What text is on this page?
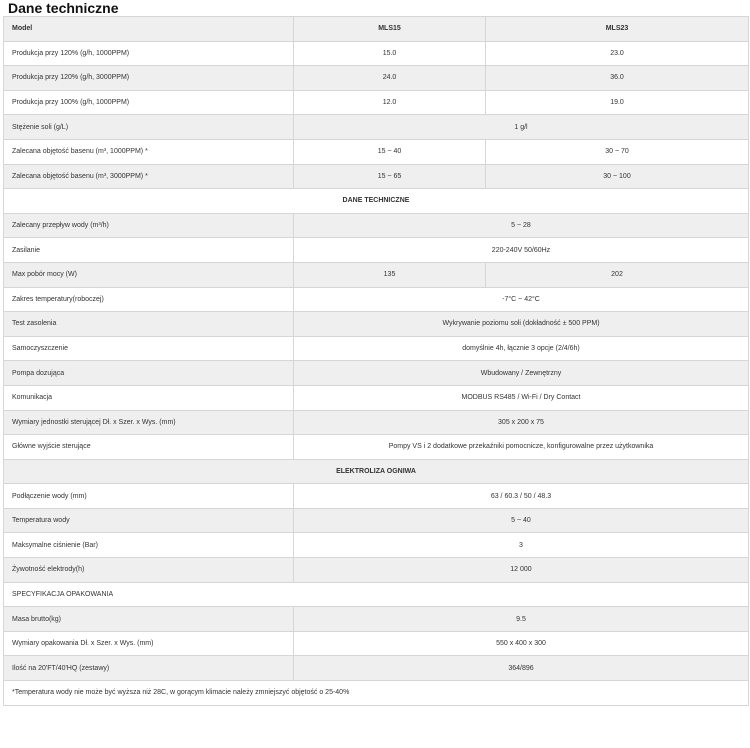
Dane techniczne
Model	MLS15	MLS23
Produkcja przy 120% (g/h, 1000PPM)	15.0	23.0
Produkcja przy 120% (g/h, 3000PPM)	24.0	36.0
Produkcja przy 100% (g/h, 1000PPM)	12.0	19.0
Stężenie soli (g/L)	1 g/l	
Zalecana objętość basenu (m³, 1000PPM) *	15 ~ 40	30 ~ 70
Zalecana objętość basenu (m³, 3000PPM) *	15 ~ 65	30 ~ 100
DANE TECHNICZNE		
Zalecany przepływ wody (m³/h)	5 ~ 28	
Zasilanie	220-240V 50/60Hz	
Max pobór mocy (W)	135	202
Zakres temperatury(roboczej)	-7°C ~ 42°C	
Test zasolenia	Wykrywanie poziomu soli (dokładność ± 500 PPM)	
Samoczyszczenie	domyślnie 4h, łącznie 3 opcje (2/4/6h)	
Pompa dozująca	Wbudowany / Zewnętrzny	
Komunikacja	MODBUS RS485 / Wi-Fi / Dry Contact	
Wymiary jednostki sterującej Dł. x Szer. x Wys. (mm)	305 x 200 x 75	
Główne wyjście sterujące	Pompy VS i 2 dodatkowe przekaźniki pomocnicze, konfigurowalne przez użytkownika	
ELEKTROLIZA OGNIWA		
Podłączenie wody (mm)	63 / 60.3 / 50 / 48.3	
Temperatura wody	5 ~ 40	
Maksymalne ciśnienie (Bar)	3	
Żywotność elektrody(h)	12 000	
SPECYFIKACJA OPAKOWANIA		
Masa brutto(kg)	9.5	
Wymiary opakowania Dł. x Szer. x Wys. (mm)	550 x 400 x 300	
Ilość na 20'FT/40'HQ (zestawy)	364/896	
*Temperatura wody nie może być wyższa niż 28C, w gorącym klimacie należy zmniejszyć objętość o 25-40%		
